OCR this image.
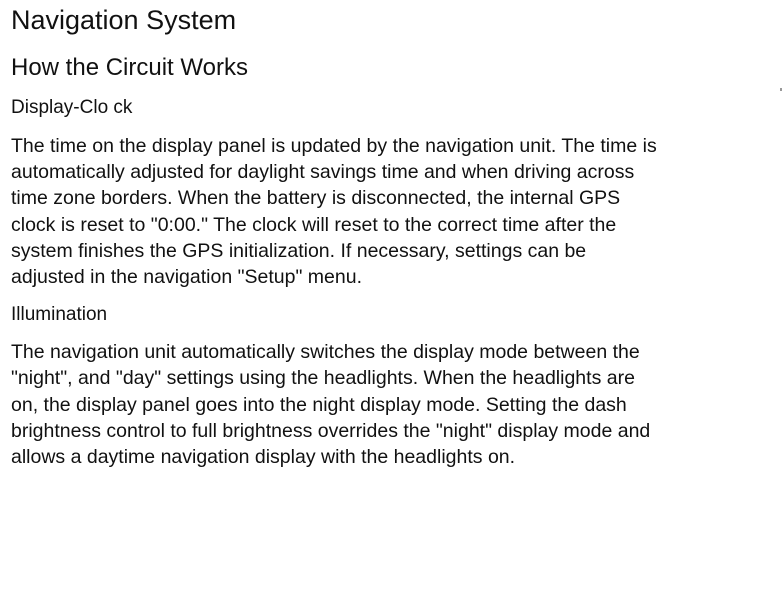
Navigation System
How the Circuit Works
Display-Clo ck

The time on the display panel is updated by the navigation unit. The time is
automatically adjusted for daylight savings time and when driving across
time zone borders. When the battery is disconnected, the internal GPS
clock is reset to "0:00." The clock will reset to the correct time after the
system finishes the GPS initialization. If necessary, settings can be
adjusted in the navigation "Setup" menu.

Illumination

The navigation unit automatically switches the display mode between the
"night", and "day" settings using the headlights. When the headlights are
on, the display panel goes into the night display mode. Setting the dash
brightness control to full brightness overrides the "night" display mode and
allows a daytime navigation display with the headlights on.
